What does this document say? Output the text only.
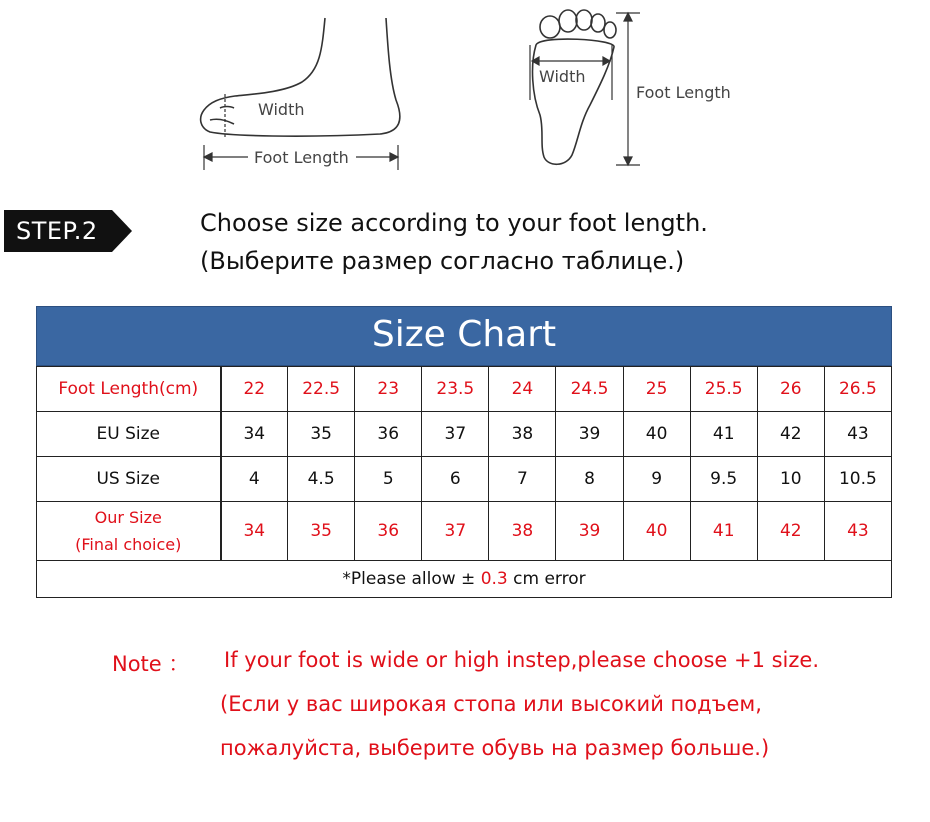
Width
Foot Length
Width
Foot Length
STEP.2	Choose size according to your foot length.
(Выберите размер согласно таблице.)
Size Chart
Foot Length(cm)	22	22.5	23	23.5	24	24.5	25	25.5	26	26.5
EU Size	34	35	36	37	38	39	40	41	42	43
US Size	4	4.5	5	6	7	8	9	9.5	10	10.5

Our Size
(Final choice)	34	35	36	37	38	39	40	41	42	43
*Please allow ± 0.3 cm error										
Note ： If your foot is wide or high instep,please choose +1 size.
(Если у вас широкая стопа или высокий подъем,
пожалуйста, выберите обувь на размер больше.)
